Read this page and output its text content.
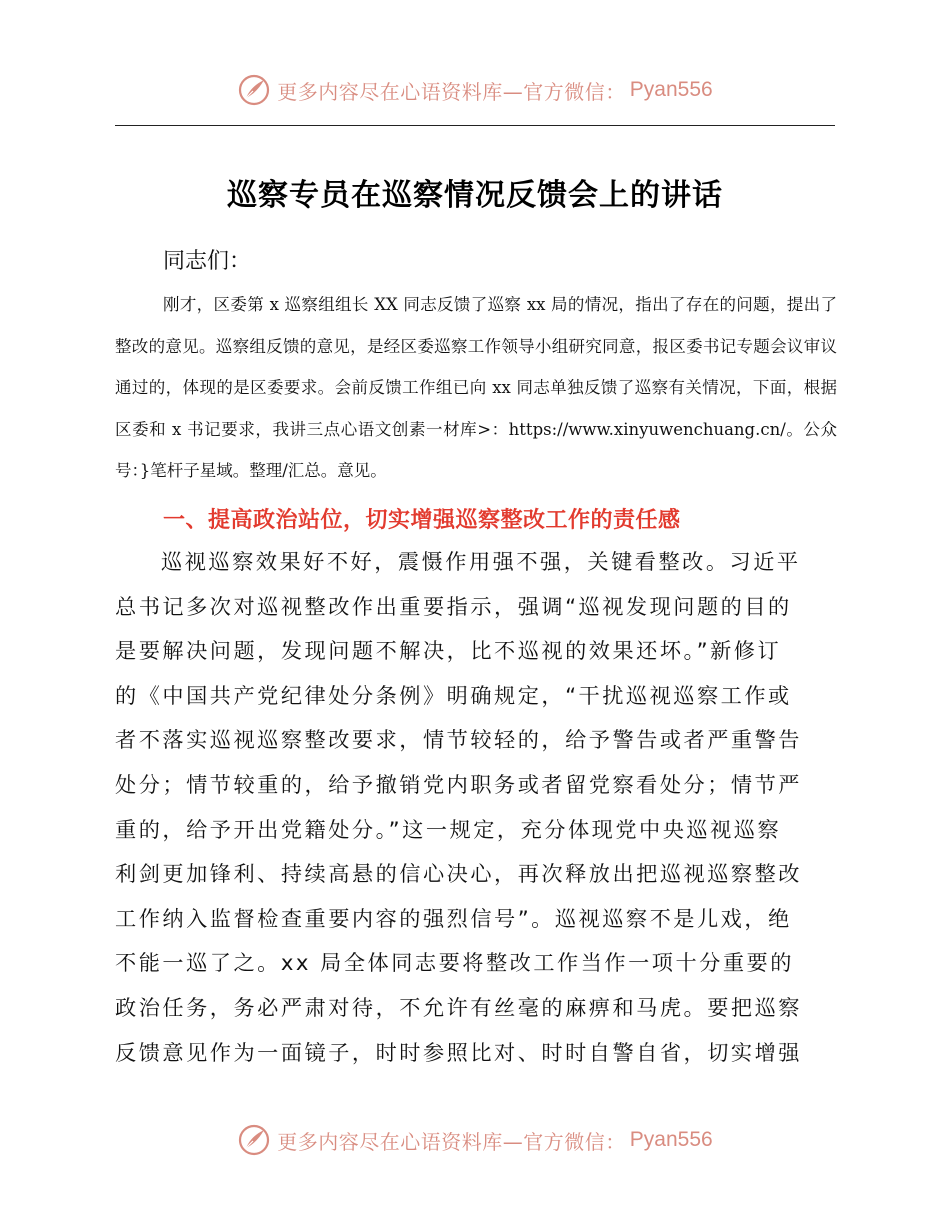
更多内容尽在心语资料库—官方微信： Pyan556
巡察专员在巡察情况反馈会上的讲话
同志们：

刚才，区委第 x 巡察组组长 XX 同志反馈了巡察 xx 局的情况，指出了存在的问题，提出了整改的意见。巡察组反馈的意见，是经区委巡察工作领导小组研究同意，报区委书记专题会议审议通过的，体现的是区委要求。会前反馈工作组已向 xx 同志单独反馈了巡察有关情况，下面，根据区委和 x 书记要求，我讲三点心语文创素一材库>：https://www.xinyuwenchuang.cn/。公众号：}笔杆子星域。整理/汇总。意见。

一、提高政治站位，切实增强巡察整改工作的责任感
巡视巡察效果好不好，震慑作用强不强，关键看整改。习近平
总书记多次对巡视整改作出重要指示，强调“巡视发现问题的目的
是要解决问题，发现问题不解决，比不巡视的效果还坏。”新修订
的《中国共产党纪律处分条例》明确规定，“干扰巡视巡察工作或
者不落实巡视巡察整改要求，情节较轻的，给予警告或者严重警告
处分；情节较重的，给予撤销党内职务或者留党察看处分；情节严
重的，给予开出党籍处分。”这一规定，充分体现党中央巡视巡察
利剑更加锋利、持续高悬的信心决心，再次释放出把巡视巡察整改
工作纳入监督检查重要内容的强烈信号”。巡视巡察不是儿戏，绝
不能一巡了之。xx 局全体同志要将整改工作当作一项十分重要的
政治任务，务必严肃对待，不允许有丝毫的麻痹和马虎。要把巡察
反馈意见作为一面镜子，时时参照比对、时时自警自省，切实增强
更多内容尽在心语资料库—官方微信： Pyan556
